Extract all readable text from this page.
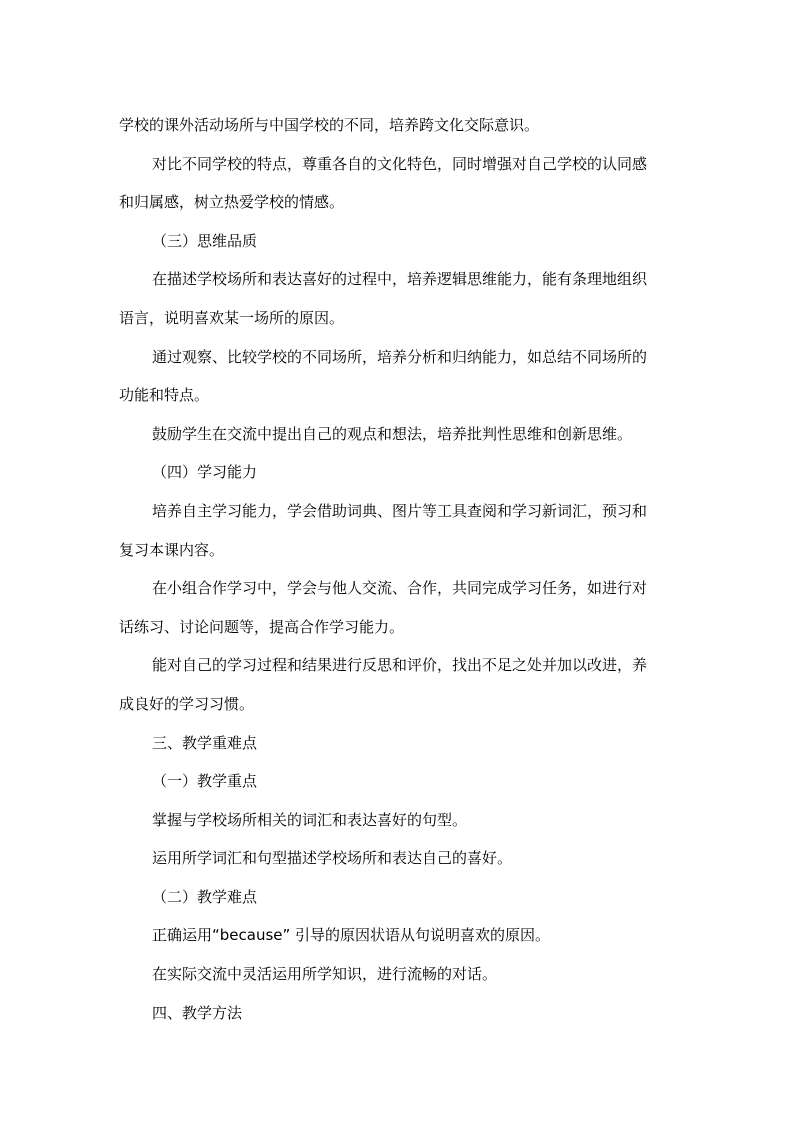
学校的课外活动场所与中国学校的不同，培养跨文化交际意识。
对比不同学校的特点，尊重各自的文化特色，同时增强对自己学校的认同感
和归属感，树立热爱学校的情感。
（三）思维品质
在描述学校场所和表达喜好的过程中，培养逻辑思维能力，能有条理地组织
语言，说明喜欢某一场所的原因。
通过观察、比较学校的不同场所，培养分析和归纳能力，如总结不同场所的
功能和特点。
鼓励学生在交流中提出自己的观点和想法，培养批判性思维和创新思维。
（四）学习能力
培养自主学习能力，学会借助词典、图片等工具查阅和学习新词汇，预习和
复习本课内容。
在小组合作学习中，学会与他人交流、合作，共同完成学习任务，如进行对
话练习、讨论问题等，提高合作学习能力。
能对自己的学习过程和结果进行反思和评价，找出不足之处并加以改进，养
成良好的学习习惯。
三、教学重难点
（一）教学重点
掌握与学校场所相关的词汇和表达喜好的句型。
运用所学词汇和句型描述学校场所和表达自己的喜好。
（二）教学难点
正确运用“because” 引导的原因状语从句说明喜欢的原因。
在实际交流中灵活运用所学知识，进行流畅的对话。
四、教学方法
